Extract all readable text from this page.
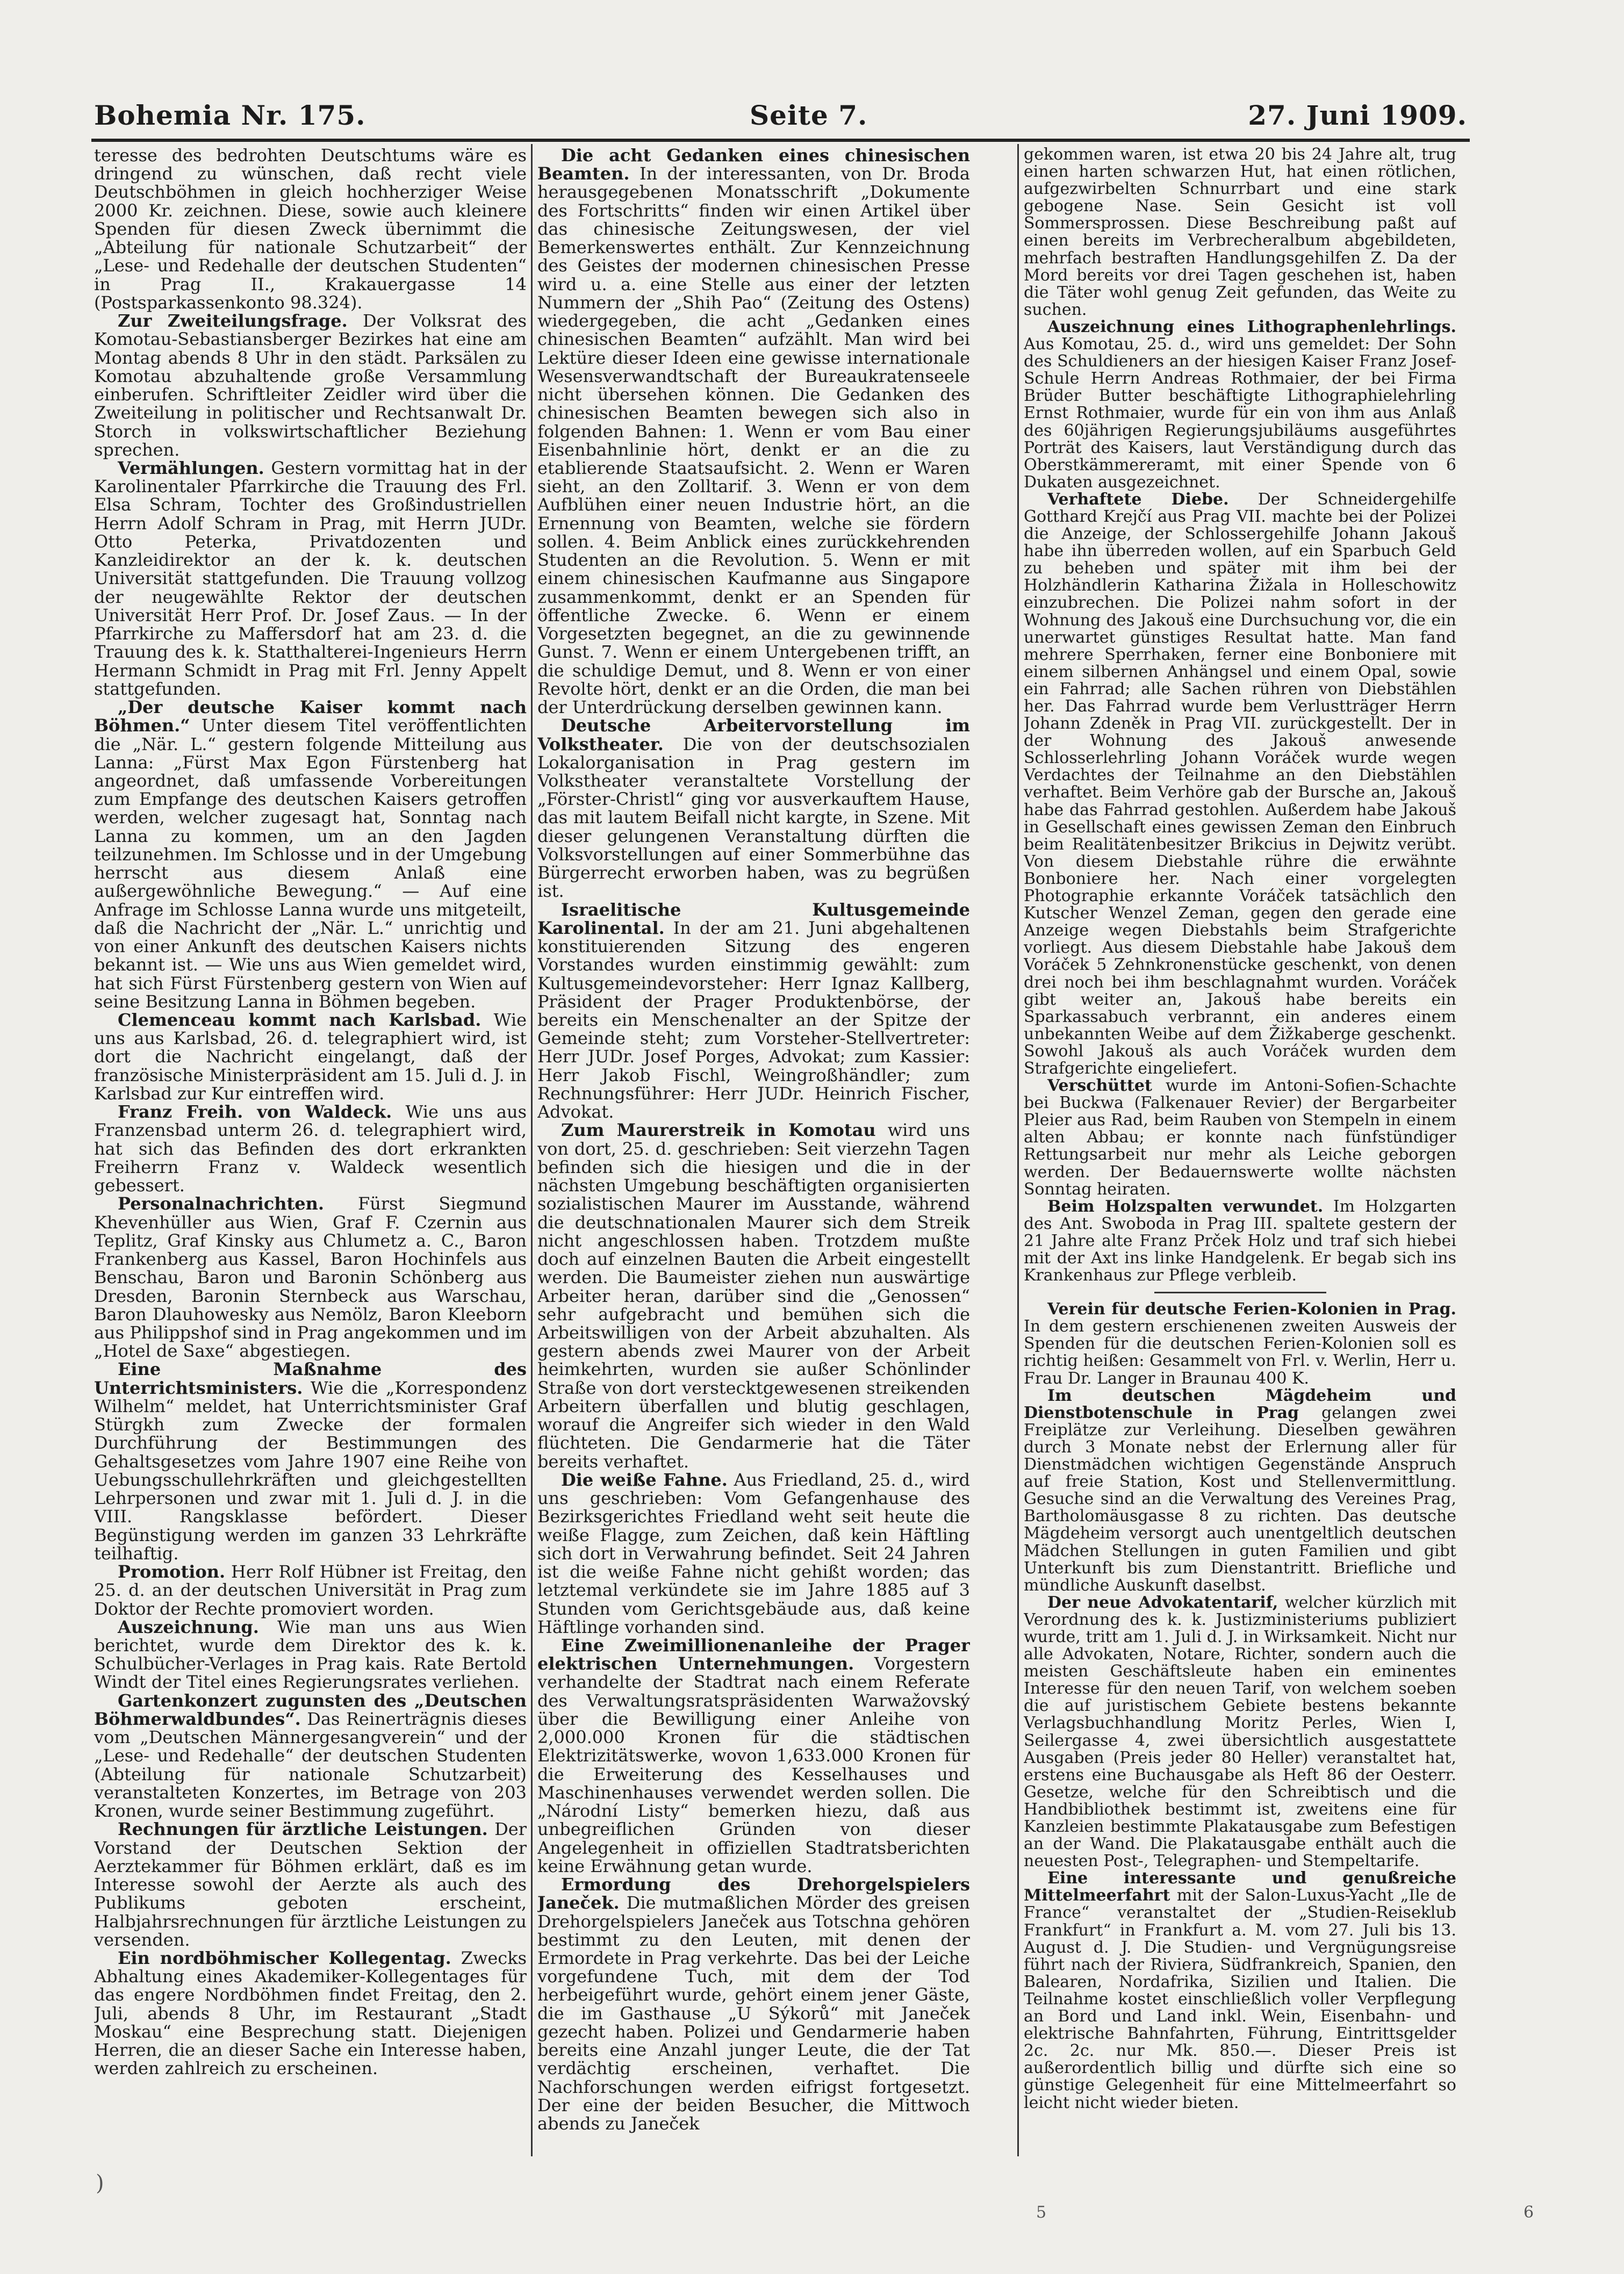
Bohemia Nr. 175.	Seite 7.	27. Juni 1909.

teresse des bedrohten Deutschtums wäre es dringend zu wünschen, daß recht viele Deutschböhmen in gleich hochherziger Weise 2000 Kr. zeichnen. Diese, sowie auch kleinere Spenden für diesen Zweck übernimmt die „Abteilung für nationale Schutzarbeit“ der „Lese- und Redehalle der deutschen Studenten“ in Prag II., Krakauergasse 14 (Postsparkassenkonto 98.324).

Zur Zweiteilungsfrage. Der Volksrat des Komotau-Sebastiansberger Bezirkes hat eine am Montag abends 8 Uhr in den städt. Parksälen zu Komotau abzuhaltende große Versammlung einberufen. Schriftleiter Zeidler wird über die Zweiteilung in politischer und Rechtsanwalt Dr. Storch in volkswirtschaftlicher Beziehung sprechen.

Vermählungen. Gestern vormittag hat in der Karolinentaler Pfarrkirche die Trauung des Frl. Elsa Schram, Tochter des Großindustriellen Herrn Adolf Schram in Prag, mit Herrn JUDr. Otto Peterka, Privatdozenten und Kanzleidirektor an der k. k. deutschen Universität stattgefunden. Die Trauung vollzog der neugewählte Rektor der deutschen Universität Herr Prof. Dr. Josef Zaus. — In der Pfarrkirche zu Maffersdorf hat am 23. d. die Trauung des k. k. Statthalterei-Ingenieurs Herrn Hermann Schmidt in Prag mit Frl. Jenny Appelt stattgefunden.

„Der deutsche Kaiser kommt nach Böhmen.“ Unter diesem Titel veröffentlichten die „När. L.“ gestern folgende Mitteilung aus Lanna: „Fürst Max Egon Fürstenberg hat angeordnet, daß umfassende Vorbereitungen zum Empfange des deutschen Kaisers getroffen werden, welcher zugesagt hat, Sonntag nach Lanna zu kommen, um an den Jagden teilzunehmen. Im Schlosse und in der Umgebung herrscht aus diesem Anlaß eine außergewöhnliche Bewegung.“ — Auf eine Anfrage im Schlosse Lanna wurde uns mitgeteilt, daß die Nachricht der „När. L.“ unrichtig und von einer Ankunft des deutschen Kaisers nichts bekannt ist. — Wie uns aus Wien gemeldet wird, hat sich Fürst Fürstenberg gestern von Wien auf seine Besitzung Lanna in Böhmen begeben.

Clemenceau kommt nach Karlsbad. Wie uns aus Karlsbad, 26. d. telegraphiert wird, ist dort die Nachricht eingelangt, daß der französische Ministerpräsident am 15. Juli d. J. in Karlsbad zur Kur eintreffen wird.

Franz Freih. von Waldeck. Wie uns aus Franzensbad unterm 26. d. telegraphiert wird, hat sich das Befinden des dort erkrankten Freiherrn Franz v. Waldeck wesentlich gebessert.

Personalnachrichten. Fürst Siegmund Khevenhüller aus Wien, Graf F. Czernin aus Teplitz, Graf Kinsky aus Chlumetz a. C., Baron Frankenberg aus Kassel, Baron Hochinfels aus Benschau, Baron und Baronin Schönberg aus Dresden, Baronin Sternbeck aus Warschau, Baron Dlauhowesky aus Nemölz, Baron Kleeborn aus Philippshof sind in Prag angekommen und im „Hotel de Saxe“ abgestiegen.

Eine Maßnahme des Unterrichtsministers. Wie die „Korrespondenz Wilhelm“ meldet, hat Unterrichtsminister Graf Stürgkh zum Zwecke der formalen Durchführung der Bestimmungen des Gehaltsgesetzes vom Jahre 1907 eine Reihe von Uebungsschullehrkräften und gleichgestellten Lehrpersonen und zwar mit 1. Juli d. J. in die VIII. Rangsklasse befördert. Dieser Begünstigung werden im ganzen 33 Lehrkräfte teilhaftig.

Promotion. Herr Rolf Hübner ist Freitag, den 25. d. an der deutschen Universität in Prag zum Doktor der Rechte promoviert worden.

Auszeichnung. Wie man uns aus Wien berichtet, wurde dem Direktor des k. k. Schulbücher-Verlages in Prag kais. Rate Bertold Windt der Titel eines Regierungsrates verliehen.

Gartenkonzert zugunsten des „Deutschen Böhmerwaldbundes“. Das Reinerträgnis dieses vom „Deutschen Männergesangverein“ und der „Lese- und Redehalle“ der deutschen Studenten (Abteilung für nationale Schutzarbeit) veranstalteten Konzertes, im Betrage von 203 Kronen, wurde seiner Bestimmung zugeführt.

Rechnungen für ärztliche Leistungen. Der Vorstand der Deutschen Sektion der Aerztekammer für Böhmen erklärt, daß es im Interesse sowohl der Aerzte als auch des Publikums geboten erscheint, Halbjahrsrechnungen für ärztliche Leistungen zu versenden.

Ein nordböhmischer Kollegentag. Zwecks Abhaltung eines Akademiker-Kollegentages für das engere Nordböhmen findet Freitag, den 2. Juli, abends 8 Uhr, im Restaurant „Stadt Moskau“ eine Besprechung statt. Diejenigen Herren, die an dieser Sache ein Interesse haben, werden zahlreich zu erscheinen.

Die acht Gedanken eines chinesischen Beamten. In der interessanten, von Dr. Broda herausgegebenen Monatsschrift „Dokumente des Fortschritts“ finden wir einen Artikel über das chinesische Zeitungswesen, der viel Bemerkenswertes enthält. Zur Kennzeichnung des Geistes der modernen chinesischen Presse wird u. a. eine Stelle aus einer der letzten Nummern der „Shih Pao“ (Zeitung des Ostens) wiedergegeben, die acht „Gedanken eines chinesischen Beamten“ aufzählt. Man wird bei Lektüre dieser Ideen eine gewisse internationale Wesensverwandtschaft der Bureaukratenseele nicht übersehen können. Die Gedanken des chinesischen Beamten bewegen sich also in folgenden Bahnen: 1. Wenn er vom Bau einer Eisenbahnlinie hört, denkt er an die zu etablierende Staatsaufsicht. 2. Wenn er Waren sieht, an den Zolltarif. 3. Wenn er von dem Aufblühen einer neuen Industrie hört, an die Ernennung von Beamten, welche sie fördern sollen. 4. Beim Anblick eines zurückkehrenden Studenten an die Revolution. 5. Wenn er mit einem chinesischen Kaufmanne aus Singapore zusammenkommt, denkt er an Spenden für öffentliche Zwecke. 6. Wenn er einem Vorgesetzten begegnet, an die zu gewinnende Gunst. 7. Wenn er einem Untergebenen trifft, an die schuldige Demut, und 8. Wenn er von einer Revolte hört, denkt er an die Orden, die man bei der Unterdrückung derselben gewinnen kann.

Deutsche Arbeitervorstellung im Volkstheater. Die von der deutschsozialen Lokalorganisation in Prag gestern im Volkstheater veranstaltete Vorstellung der „Förster-Christl“ ging vor ausverkauftem Hause, das mit lautem Beifall nicht kargte, in Szene. Mit dieser gelungenen Veranstaltung dürften die Volksvorstellungen auf einer Sommerbühne das Bürgerrecht erworben haben, was zu begrüßen ist.

Israelitische Kultusgemeinde Karolinental. In der am 21. Juni abgehaltenen konstituierenden Sitzung des engeren Vorstandes wurden einstimmig gewählt: zum Kultusgemeindevorsteher: Herr Ignaz Kallberg, Präsident der Prager Produktenbörse, der bereits ein Menschenalter an der Spitze der Gemeinde steht; zum Vorsteher-Stellvertreter: Herr JUDr. Josef Porges, Advokat; zum Kassier: Herr Jakob Fischl, Weingroßhändler; zum Rechnungsführer: Herr JUDr. Heinrich Fischer, Advokat.

Zum Maurerstreik in Komotau wird uns von dort, 25. d. geschrieben: Seit vierzehn Tagen befinden sich die hiesigen und die in der nächsten Umgebung beschäftigten organisierten sozialistischen Maurer im Ausstande, während die deutschnationalen Maurer sich dem Streik nicht angeschlossen haben. Trotzdem mußte doch auf einzelnen Bauten die Arbeit eingestellt werden. Die Baumeister ziehen nun auswärtige Arbeiter heran, darüber sind die „Genossen“ sehr aufgebracht und bemühen sich die Arbeitswilligen von der Arbeit abzuhalten. Als gestern abends zwei Maurer von der Arbeit heimkehrten, wurden sie außer Schönlinder Straße von dort verstecktgewesenen streikenden Arbeitern überfallen und blutig geschlagen, worauf die Angreifer sich wieder in den Wald flüchteten. Die Gendarmerie hat die Täter bereits verhaftet.

Die weiße Fahne. Aus Friedland, 25. d., wird uns geschrieben: Vom Gefangenhause des Bezirksgerichtes Friedland weht seit heute die weiße Flagge, zum Zeichen, daß kein Häftling sich dort in Verwahrung befindet. Seit 24 Jahren ist die weiße Fahne nicht gehißt worden; das letztemal verkündete sie im Jahre 1885 auf 3 Stunden vom Gerichtsgebäude aus, daß keine Häftlinge vorhanden sind.

Eine Zweimillionenanleihe der Prager elektrischen Unternehmungen. Vorgestern verhandelte der Stadtrat nach einem Referate des Verwaltungsratspräsidenten Warwažovský über die Bewilligung einer Anleihe von 2,000.000 Kronen für die städtischen Elektrizitätswerke, wovon 1,633.000 Kronen für die Erweiterung des Kesselhauses und Maschinenhauses verwendet werden sollen. Die „Národní Listy“ bemerken hiezu, daß aus unbegreiflichen Gründen von dieser Angelegenheit in offiziellen Stadtratsberichten keine Erwähnung getan wurde.

Ermordung des Drehorgelspielers Janeček. Die mutmaßlichen Mörder des greisen Drehorgelspielers Janeček aus Totschna gehören bestimmt zu den Leuten, mit denen der Ermordete in Prag verkehrte. Das bei der Leiche vorgefundene Tuch, mit dem der Tod herbeigeführt wurde, gehört einem jener Gäste, die im Gasthause „U Sýkorů“ mit Janeček gezecht haben. Polizei und Gendarmerie haben bereits eine Anzahl junger Leute, die der Tat verdächtig erscheinen, verhaftet. Die Nachforschungen werden eifrigst fortgesetzt. Der eine der beiden Besucher, die Mittwoch abends zu Janeček

gekommen waren, ist etwa 20 bis 24 Jahre alt, trug einen harten schwarzen Hut, hat einen rötlichen, aufgezwirbelten Schnurrbart und eine stark gebogene Nase. Sein Gesicht ist voll Sommersprossen. Diese Beschreibung paßt auf einen bereits im Verbrecheralbum abgebildeten, mehrfach bestraften Handlungsgehilfen Z. Da der Mord bereits vor drei Tagen geschehen ist, haben die Täter wohl genug Zeit gefunden, das Weite zu suchen.

Auszeichnung eines Lithographenlehrlings. Aus Komotau, 25. d., wird uns gemeldet: Der Sohn des Schuldieners an der hiesigen Kaiser Franz Josef-Schule Herrn Andreas Rothmaier, der bei Firma Brüder Butter beschäftigte Lithographielehrling Ernst Rothmaier, wurde für ein von ihm aus Anlaß des 60jährigen Regierungsjubiläums ausgeführtes Porträt des Kaisers, laut Verständigung durch das Oberstkämmereramt, mit einer Spende von 6 Dukaten ausgezeichnet.

Verhaftete Diebe. Der Schneidergehilfe Gotthard Krejčí aus Prag VII. machte bei der Polizei die Anzeige, der Schlossergehilfe Johann Jakouš habe ihn überreden wollen, auf ein Sparbuch Geld zu beheben und später mit ihm bei der Holzhändlerin Katharina Žižala in Holleschowitz einzubrechen. Die Polizei nahm sofort in der Wohnung des Jakouš eine Durchsuchung vor, die ein unerwartet günstiges Resultat hatte. Man fand mehrere Sperrhaken, ferner eine Bonboniere mit einem silbernen Anhängsel und einem Opal, sowie ein Fahrrad; alle Sachen rühren von Diebstählen her. Das Fahrrad wurde bem Verlustträger Herrn Johann Zdeněk in Prag VII. zurückgestellt. Der in der Wohnung des Jakouš anwesende Schlosserlehrling Johann Voráček wurde wegen Verdachtes der Teilnahme an den Diebstählen verhaftet. Beim Verhöre gab der Bursche an, Jakouš habe das Fahrrad gestohlen. Außerdem habe Jakouš in Gesellschaft eines gewissen Zeman den Einbruch beim Realitätenbesitzer Brikcius in Dejwitz verübt. Von diesem Diebstahle rühre die erwähnte Bonboniere her. Nach einer vorgelegten Photographie erkannte Voráček tatsächlich den Kutscher Wenzel Zeman, gegen den gerade eine Anzeige wegen Diebstahls beim Strafgerichte vorliegt. Aus diesem Diebstahle habe Jakouš dem Voráček 5 Zehnkronenstücke geschenkt, von denen drei noch bei ihm beschlagnahmt wurden. Voráček gibt weiter an, Jakouš habe bereits ein Sparkassabuch verbrannt, ein anderes einem unbekannten Weibe auf dem Žižkaberge geschenkt. Sowohl Jakouš als auch Voráček wurden dem Strafgerichte eingeliefert.

Verschüttet wurde im Antoni-Sofien-Schachte bei Buckwa (Falkenauer Revier) der Bergarbeiter Pleier aus Rad, beim Rauben von Stempeln in einem alten Abbau; er konnte nach fünfstündiger Rettungsarbeit nur mehr als Leiche geborgen werden. Der Bedauernswerte wollte nächsten Sonntag heiraten.

Beim Holzspalten verwundet. Im Holzgarten des Ant. Swoboda in Prag III. spaltete gestern der 21 Jahre alte Franz Prček Holz und traf sich hiebei mit der Axt ins linke Handgelenk. Er begab sich ins Krankenhaus zur Pflege verbleib.

Verein für deutsche Ferien-Kolonien in Prag. In dem gestern erschienenen zweiten Ausweis der Spenden für die deutschen Ferien-Kolonien soll es richtig heißen: Gesammelt von Frl. v. Werlin, Herr u. Frau Dr. Langer in Braunau 400 K.

Im deutschen Mägdeheim und Dienstbotenschule in Prag gelangen zwei Freiplätze zur Verleihung. Dieselben gewähren durch 3 Monate nebst der Erlernung aller für Dienstmädchen wichtigen Gegenstände Anspruch auf freie Station, Kost und Stellenvermittlung. Gesuche sind an die Verwaltung des Vereines Prag, Bartholomäusgasse 8 zu richten. Das deutsche Mägdeheim versorgt auch unentgeltlich deutschen Mädchen Stellungen in guten Familien und gibt Unterkunft bis zum Dienstantritt. Briefliche und mündliche Auskunft daselbst.

Der neue Advokatentarif, welcher kürzlich mit Verordnung des k. k. Justizministeriums publiziert wurde, tritt am 1. Juli d. J. in Wirksamkeit. Nicht nur alle Advokaten, Notare, Richter, sondern auch die meisten Geschäftsleute haben ein eminentes Interesse für den neuen Tarif, von welchem soeben die auf juristischem Gebiete bestens bekannte Verlagsbuchhandlung Moritz Perles, Wien I, Seilergasse 4, zwei übersichtlich ausgestattete Ausgaben (Preis jeder 80 Heller) veranstaltet hat, erstens eine Buchausgabe als Heft 86 der Oesterr. Gesetze, welche für den Schreibtisch und die Handbibliothek bestimmt ist, zweitens eine für Kanzleien bestimmte Plakatausgabe zum Befestigen an der Wand. Die Plakatausgabe enthält auch die neuesten Post-, Telegraphen- und Stempeltarife.

Eine interessante und genußreiche Mittelmeerfahrt mit der Salon-Luxus-Yacht „Ile de France“ veranstaltet der „Studien-Reiseklub Frankfurt“ in Frankfurt a. M. vom 27. Juli bis 13. August d. J. Die Studien- und Vergnügungsreise führt nach der Riviera, Südfrankreich, Spanien, den Balearen, Nordafrika, Sizilien und Italien. Die Teilnahme kostet einschließlich voller Verpflegung an Bord und Land inkl. Wein, Eisenbahn- und elektrische Bahnfahrten, Führung, Eintrittsgelder 2c. 2c. nur Mk. 850.—. Dieser Preis ist außerordentlich billig und dürfte sich eine so günstige Gelegenheit für eine Mittelmeerfahrt so leicht nicht wieder bieten.

)
5	6
